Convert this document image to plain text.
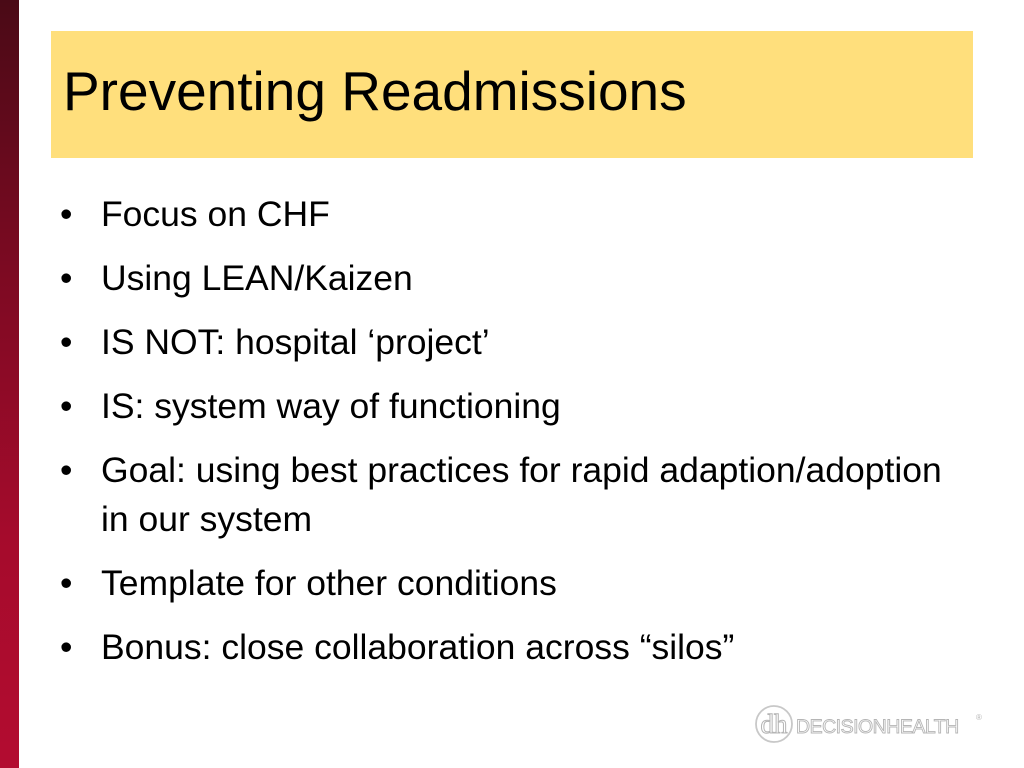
Preventing Readmissions
• Focus on CHF
• Using LEAN/Kaizen
• IS NOT: hospital ‘project’
• IS: system way of functioning
• Goal: using best practices for rapid adaption/adoption in our system
• Template for other conditions
• Bonus: close collaboration across “silos”
dh DECISIONHEALTH ®
